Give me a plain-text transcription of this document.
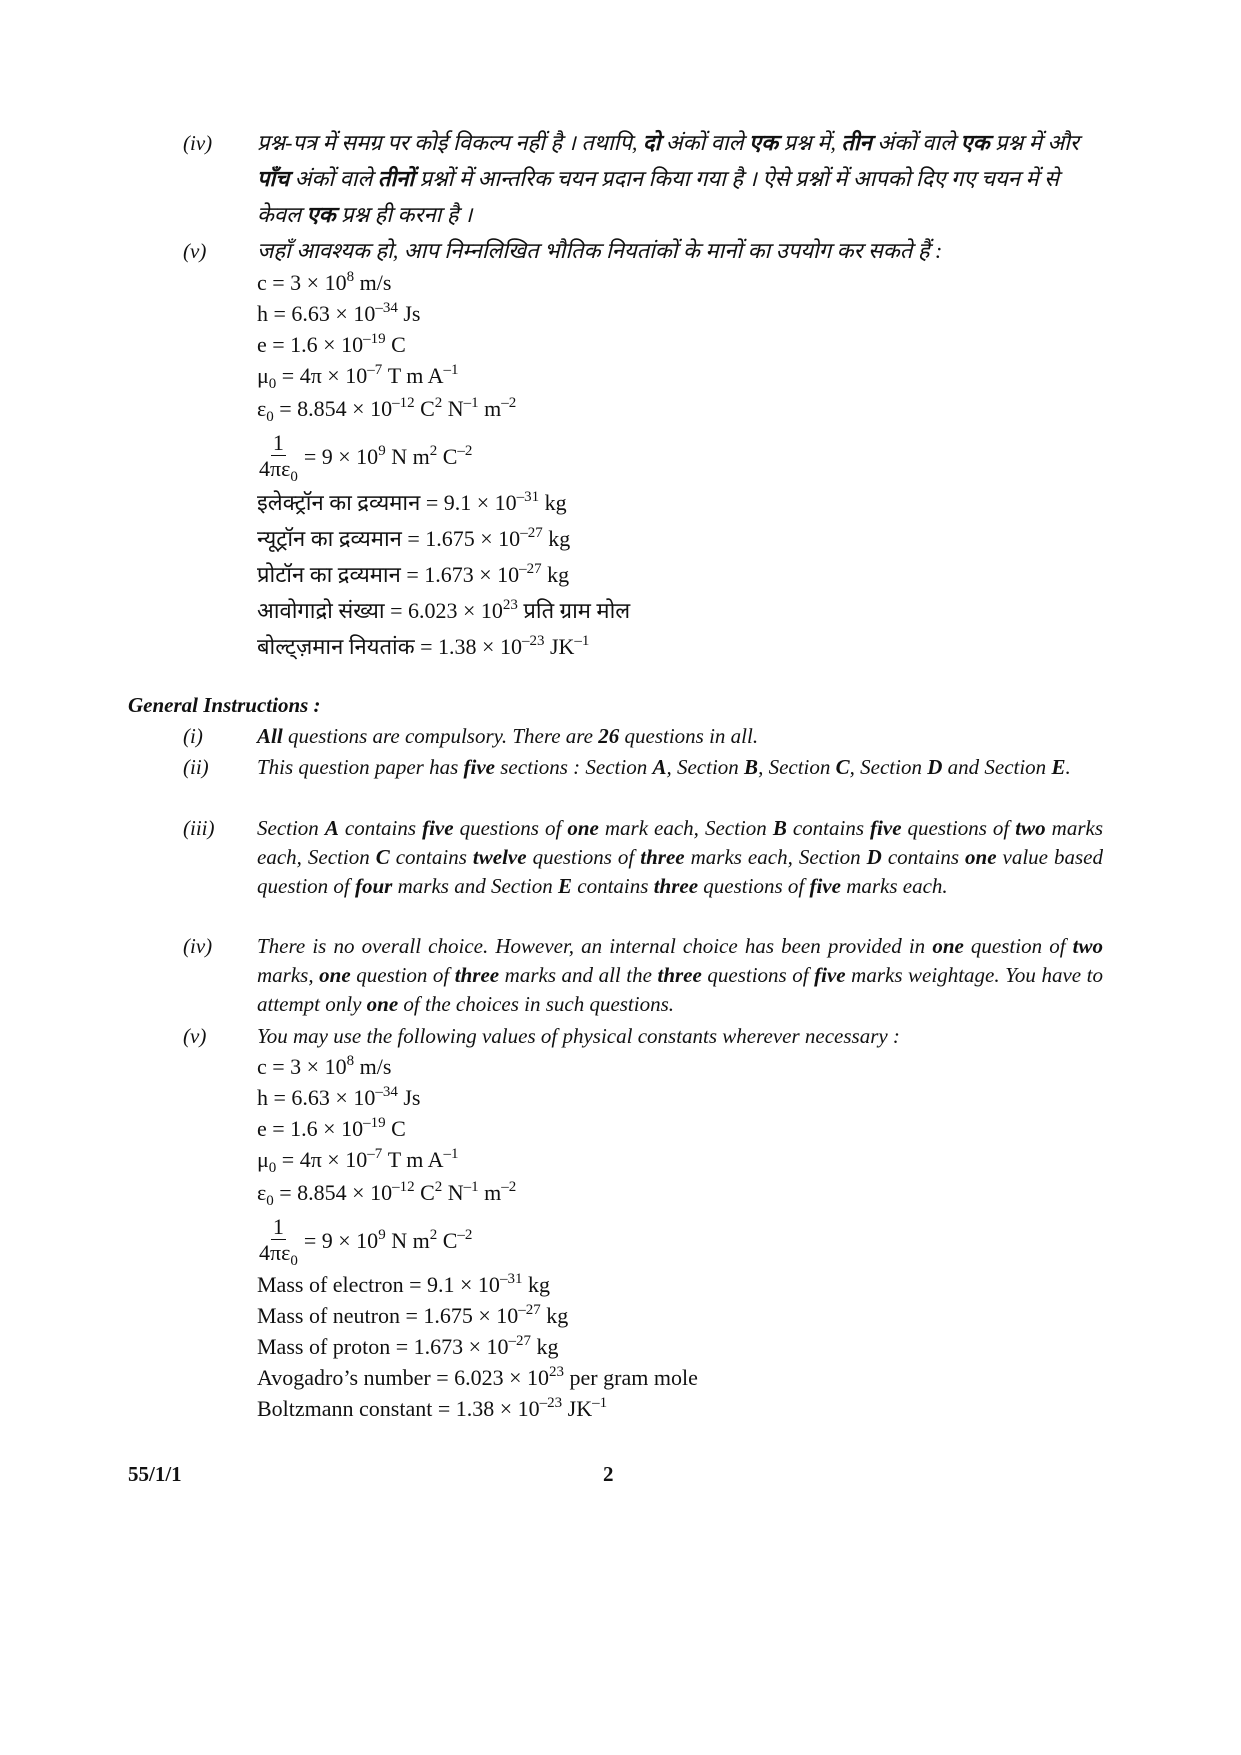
(iv)	प्रश्न-पत्र में समग्र पर कोई विकल्प नहीं है । तथापि, दो अंकों वाले एक प्रश्न में, तीन अंकों वाले एक प्रश्न में और पाँच अंकों वाले तीनों प्रश्नों में आन्तरिक चयन प्रदान किया गया है । ऐसे प्रश्नों में आपको दिए गए चयन में से केवल एक प्रश्न ही करना है ।
(v)	जहाँ आवश्यक हो, आप निम्नलिखित भौतिक नियतांकों के मानों का उपयोग कर सकते हैं :
$c = 3 \times 10^8$ m/s
$h = 6.63 \times 10^{-34}$ Js
$e = 1.6 \times 10^{-19}$ C
$\mu_0 = 4\pi \times 10^{-7}$ T m $A^{-1}$
$\varepsilon_0 = 8.854 \times 10^{-12}$ $C^2$ $N^{-1}$ $m^{-2}$
$\frac{1}{4\pi\varepsilon_0} = 9 \times 10^9$ N $m^2$ $C^{-2}$
इलेक्ट्रॉन का द्रव्यमान = $9.1 \times 10^{-31}$ kg
न्यूट्रॉन का द्रव्यमान = $1.675 \times 10^{-27}$ kg
प्रोटॉन का द्रव्यमान = $1.673 \times 10^{-27}$ kg
आवोगाद्रो संख्या = $6.023 \times 10^{23}$ प्रति ग्राम मोल
बोल्ट्ज़मान नियतांक = $1.38 \times 10^{-23}$ $JK^{-1}$
General Instructions :
(i)	All questions are compulsory. There are 26 questions in all.
(ii)	This question paper has five sections : Section A, Section B, Section C, Section D and Section E.
(iii)	Section A contains five questions of one mark each, Section B contains five questions of two marks each, Section C contains twelve questions of three marks each, Section D contains one value based question of four marks and Section E contains three questions of five marks each.
(iv)	There is no overall choice. However, an internal choice has been provided in one question of two marks, one question of three marks and all the three questions of five marks weightage. You have to attempt only one of the choices in such questions.
(v)	You may use the following values of physical constants wherever necessary :
$c = 3 \times 10^8$ m/s
$h = 6.63 \times 10^{-34}$ Js
$e = 1.6 \times 10^{-19}$ C
$\mu_0 = 4\pi \times 10^{-7}$ T m $A^{-1}$
$\varepsilon_0 = 8.854 \times 10^{-12}$ $C^2$ $N^{-1}$ $m^{-2}$
$\frac{1}{4\pi\varepsilon_0} = 9 \times 10^9$ N $m^2$ $C^{-2}$
Mass of electron = $9.1 \times 10^{-31}$ kg
Mass of neutron = $1.675 \times 10^{-27}$ kg
Mass of proton = $1.673 \times 10^{-27}$ kg
Avogadro’s number = $6.023 \times 10^{23}$ per gram mole
Boltzmann constant = $1.38 \times 10^{-23}$ $JK^{-1}$
55/1/1	2
